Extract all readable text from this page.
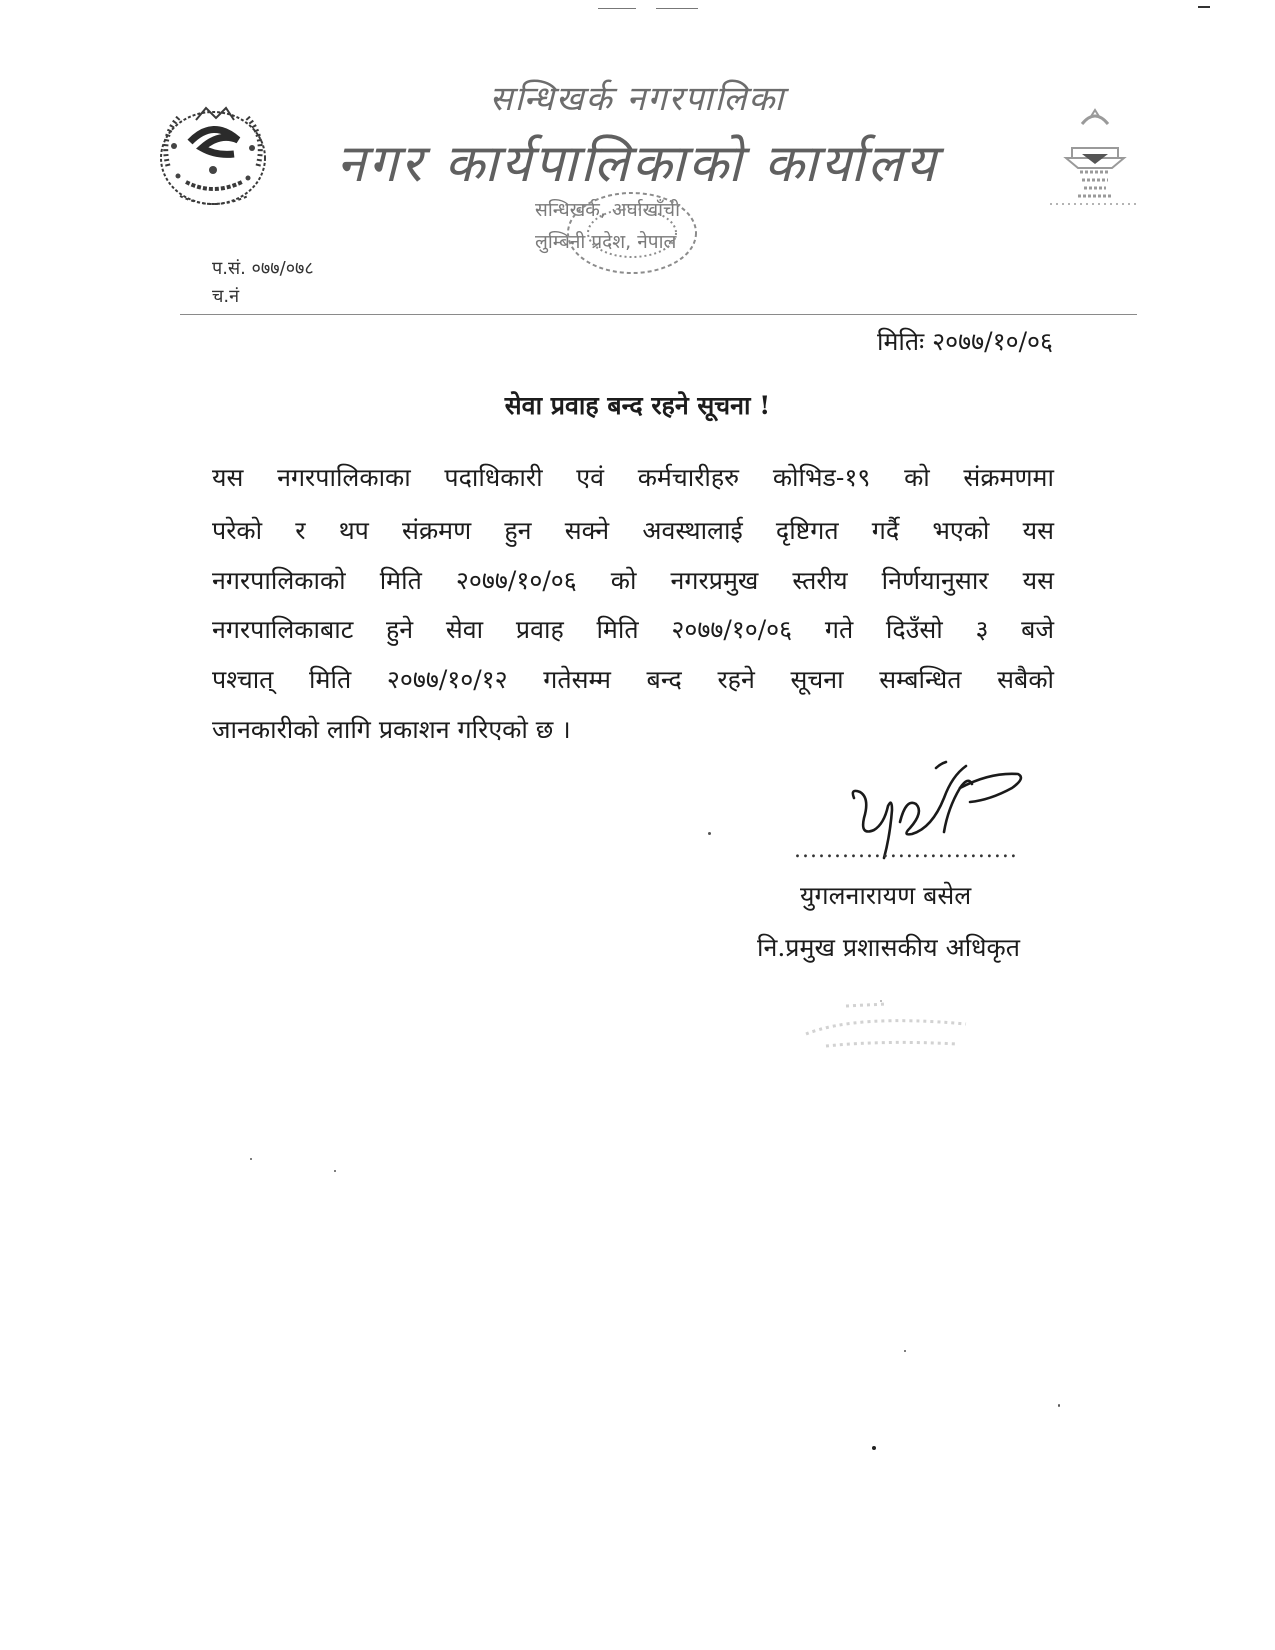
सन्धिखर्क नगरपालिका
नगर कार्यपालिकाको कार्यालय
सन्धिखर्क, अर्घाखाँची
लुम्बिनी प्रदेश, नेपाल
प.सं. ०७७/०७८
च.नं
मितिः २०७७/१०/०६
सेवा प्रवाह बन्द रहने सूचना !
यस नगरपालिकाका पदाधिकारी एवं कर्मचारीहरु कोभिड-१९ को संक्रमणमा
परेको र थप संक्रमण हुन सक्ने अवस्थालाई दृष्टिगत गर्दै भएको यस
नगरपालिकाको मिति २०७७/१०/०६ को नगरप्रमुख स्तरीय निर्णयानुसार यस
नगरपालिकाबाट हुने सेवा प्रवाह मिति २०७७/१०/०६ गते दिउँसो ३ बजे
पश्चात् मिति २०७७/१०/१२ गतेसम्म बन्द रहने सूचना सम्बन्धित सबैको
जानकारीको लागि प्रकाशन गरिएको छ ।
............................
युगलनारायण बसेल
नि.प्रमुख प्रशासकीय अधिकृत
